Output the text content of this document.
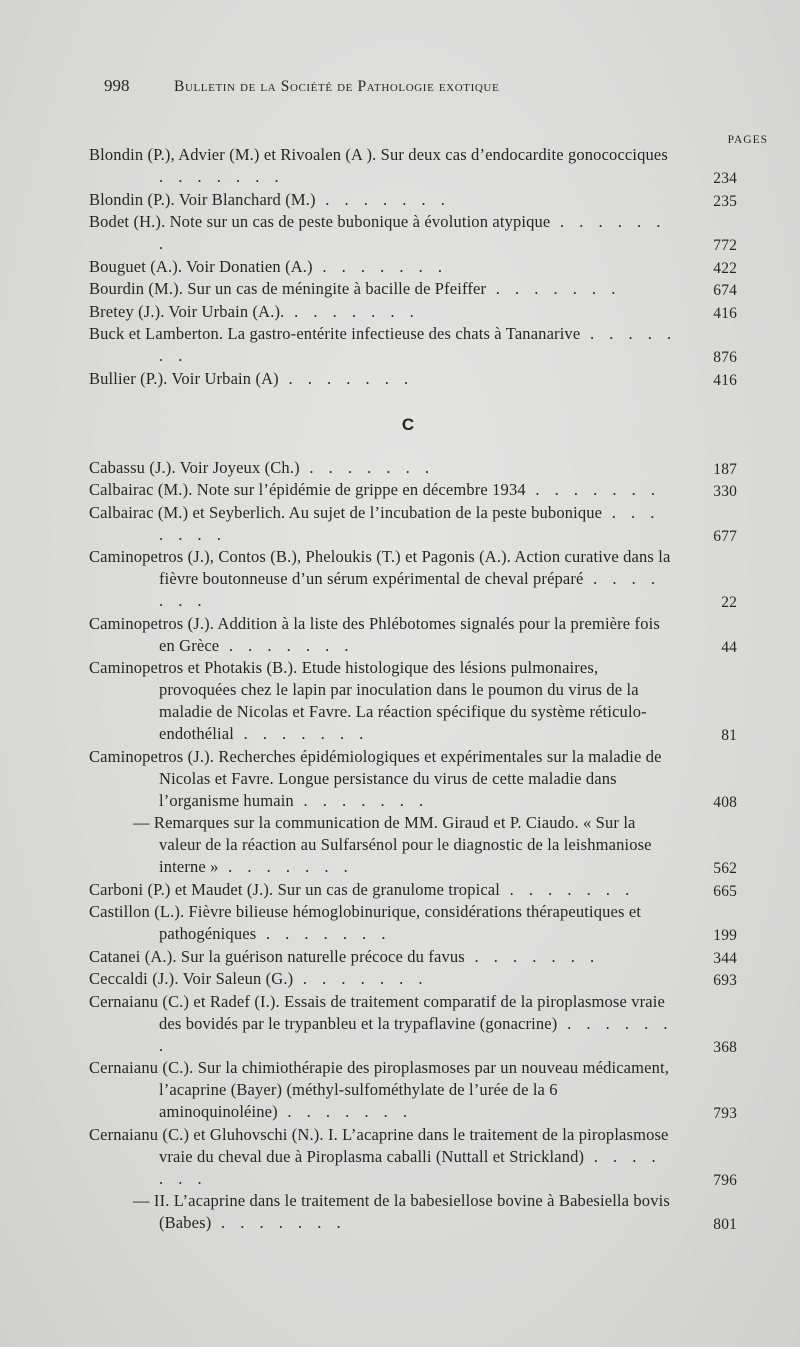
998	Bulletin de la Société de Pathologie exotique
PAGES
Blondin (P.), Advier (M.) et Rivoalen (A ). Sur deux cas d’endocardite gonococciques . . . . . . .	234
Blondin (P.). Voir Blanchard (M.) . . . . . . .	235
Bodet (H.). Note sur un cas de peste bubonique à évolution atypique . . . . . . .	772
Bouguet (A.). Voir Donatien (A.) . . . . . . .	422
Bourdin (M.). Sur un cas de méningite à bacille de Pfeiffer . . . . . . .	674
Bretey (J.). Voir Urbain (A.). . . . . . . .	416
Buck et Lamberton. La gastro-entérite infectieuse des chats à Tananarive . . . . . . .	876
Bullier (P.). Voir Urbain (A) . . . . . . .	416
C
Cabassu (J.). Voir Joyeux (Ch.) . . . . . . .	187
Calbairac (M.). Note sur l’épidémie de grippe en décembre 1934 . . . . . . .	330
Calbairac (M.) et Seyberlich. Au sujet de l’incubation de la peste bubonique . . . . . . .	677
Caminopetros (J.), Contos (B.), Pheloukis (T.) et Pagonis (A.). Action curative dans la fièvre boutonneuse d’un sérum expérimental de cheval préparé . . . . . . .	22
Caminopetros (J.). Addition à la liste des Phlébotomes signalés pour la première fois en Grèce . . . . . . .	44
Caminopetros et Photakis (B.). Etude histologique des lésions pulmonaires, provoquées chez le lapin par inoculation dans le poumon du virus de la maladie de Nicolas et Favre. La réaction spécifique du système réticulo-endothélial . . . . . . .	81
Caminopetros (J.). Recherches épidémiologiques et expérimentales sur la maladie de Nicolas et Favre. Longue persistance du virus de cette maladie dans l’organisme humain . . . . . . .	408
— Remarques sur la communication de MM. Giraud et P. Ciaudo. « Sur la valeur de la réaction au Sulfarsénol pour le diagnostic de la leishmaniose interne » . . . . . . .	562
Carboni (P.) et Maudet (J.). Sur un cas de granulome tropical . . . . . . .	665
Castillon (L.). Fièvre bilieuse hémoglobinurique, considérations thérapeutiques et pathogéniques . . . . . . .	199
Catanei (A.). Sur la guérison naturelle précoce du favus . . . . . . .	344
Ceccaldi (J.). Voir Saleun (G.) . . . . . . .	693
Cernaianu (C.) et Radef (I.). Essais de traitement comparatif de la piroplasmose vraie des bovidés par le trypanbleu et la trypaflavine (gonacrine) . . . . . . .	368
Cernaianu (C.). Sur la chimiothérapie des piroplasmoses par un nouveau médicament, l’acaprine (Bayer) (méthyl-sulfométhylate de l’urée de la 6 aminoquinoléine) . . . . . . .	793
Cernaianu (C.) et Gluhovschi (N.). I. L’acaprine dans le traitement de la piroplasmose vraie du cheval due à Piroplasma caballi (Nuttall et Strickland) . . . . . . .	796
— II. L’acaprine dans le traitement de la babesiellose bovine à Babesiella bovis (Babes) . . . . . . .	801
